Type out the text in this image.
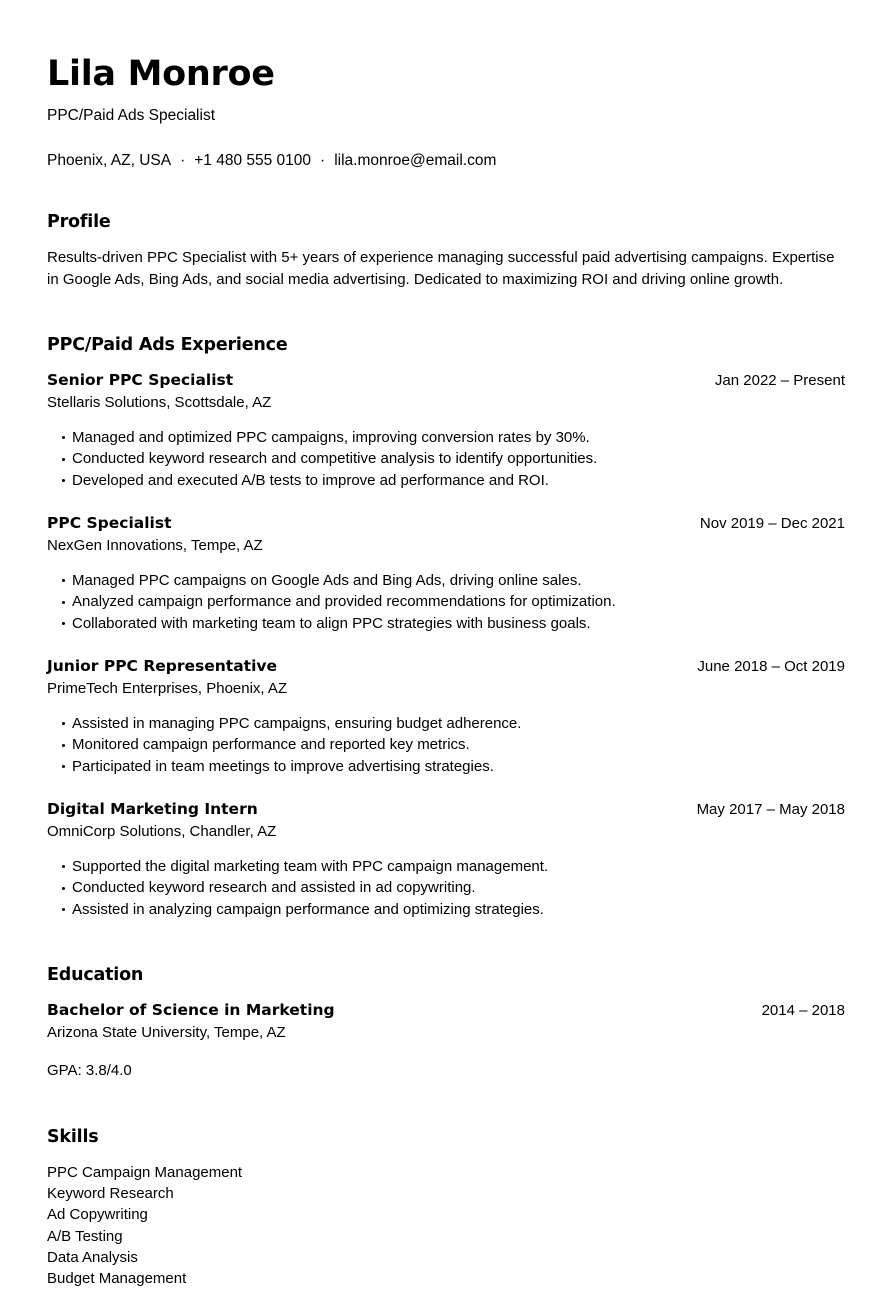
Lila Monroe
PPC/Paid Ads Specialist
Phoenix, AZ, USA · +1 480 555 0100 · lila.monroe@email.com
Profile

Results-driven PPC Specialist with 5+ years of experience managing successful paid advertising campaigns. Expertise in Google Ads, Bing Ads, and social media advertising. Dedicated to maximizing ROI and driving online growth.

PPC/Paid Ads Experience
Senior PPC Specialist	Jan 2022 – Present
Stellaris Solutions, Scottsdale, AZ
Managed and optimized PPC campaigns, improving conversion rates by 30%.
Conducted keyword research and competitive analysis to identify opportunities.
Developed and executed A/B tests to improve ad performance and ROI.
PPC Specialist	Nov 2019 – Dec 2021
NexGen Innovations, Tempe, AZ
Managed PPC campaigns on Google Ads and Bing Ads, driving online sales.
Analyzed campaign performance and provided recommendations for optimization.
Collaborated with marketing team to align PPC strategies with business goals.
Junior PPC Representative	June 2018 – Oct 2019
PrimeTech Enterprises, Phoenix, AZ
Assisted in managing PPC campaigns, ensuring budget adherence.
Monitored campaign performance and reported key metrics.
Participated in team meetings to improve advertising strategies.
Digital Marketing Intern	May 2017 – May 2018
OmniCorp Solutions, Chandler, AZ
Supported the digital marketing team with PPC campaign management.
Conducted keyword research and assisted in ad copywriting.
Assisted in analyzing campaign performance and optimizing strategies.
Education
Bachelor of Science in Marketing	2014 – 2018
Arizona State University, Tempe, AZ
GPA: 3.8/4.0
Skills
PPC Campaign Management
Keyword Research
Ad Copywriting
A/B Testing
Data Analysis
Budget Management
